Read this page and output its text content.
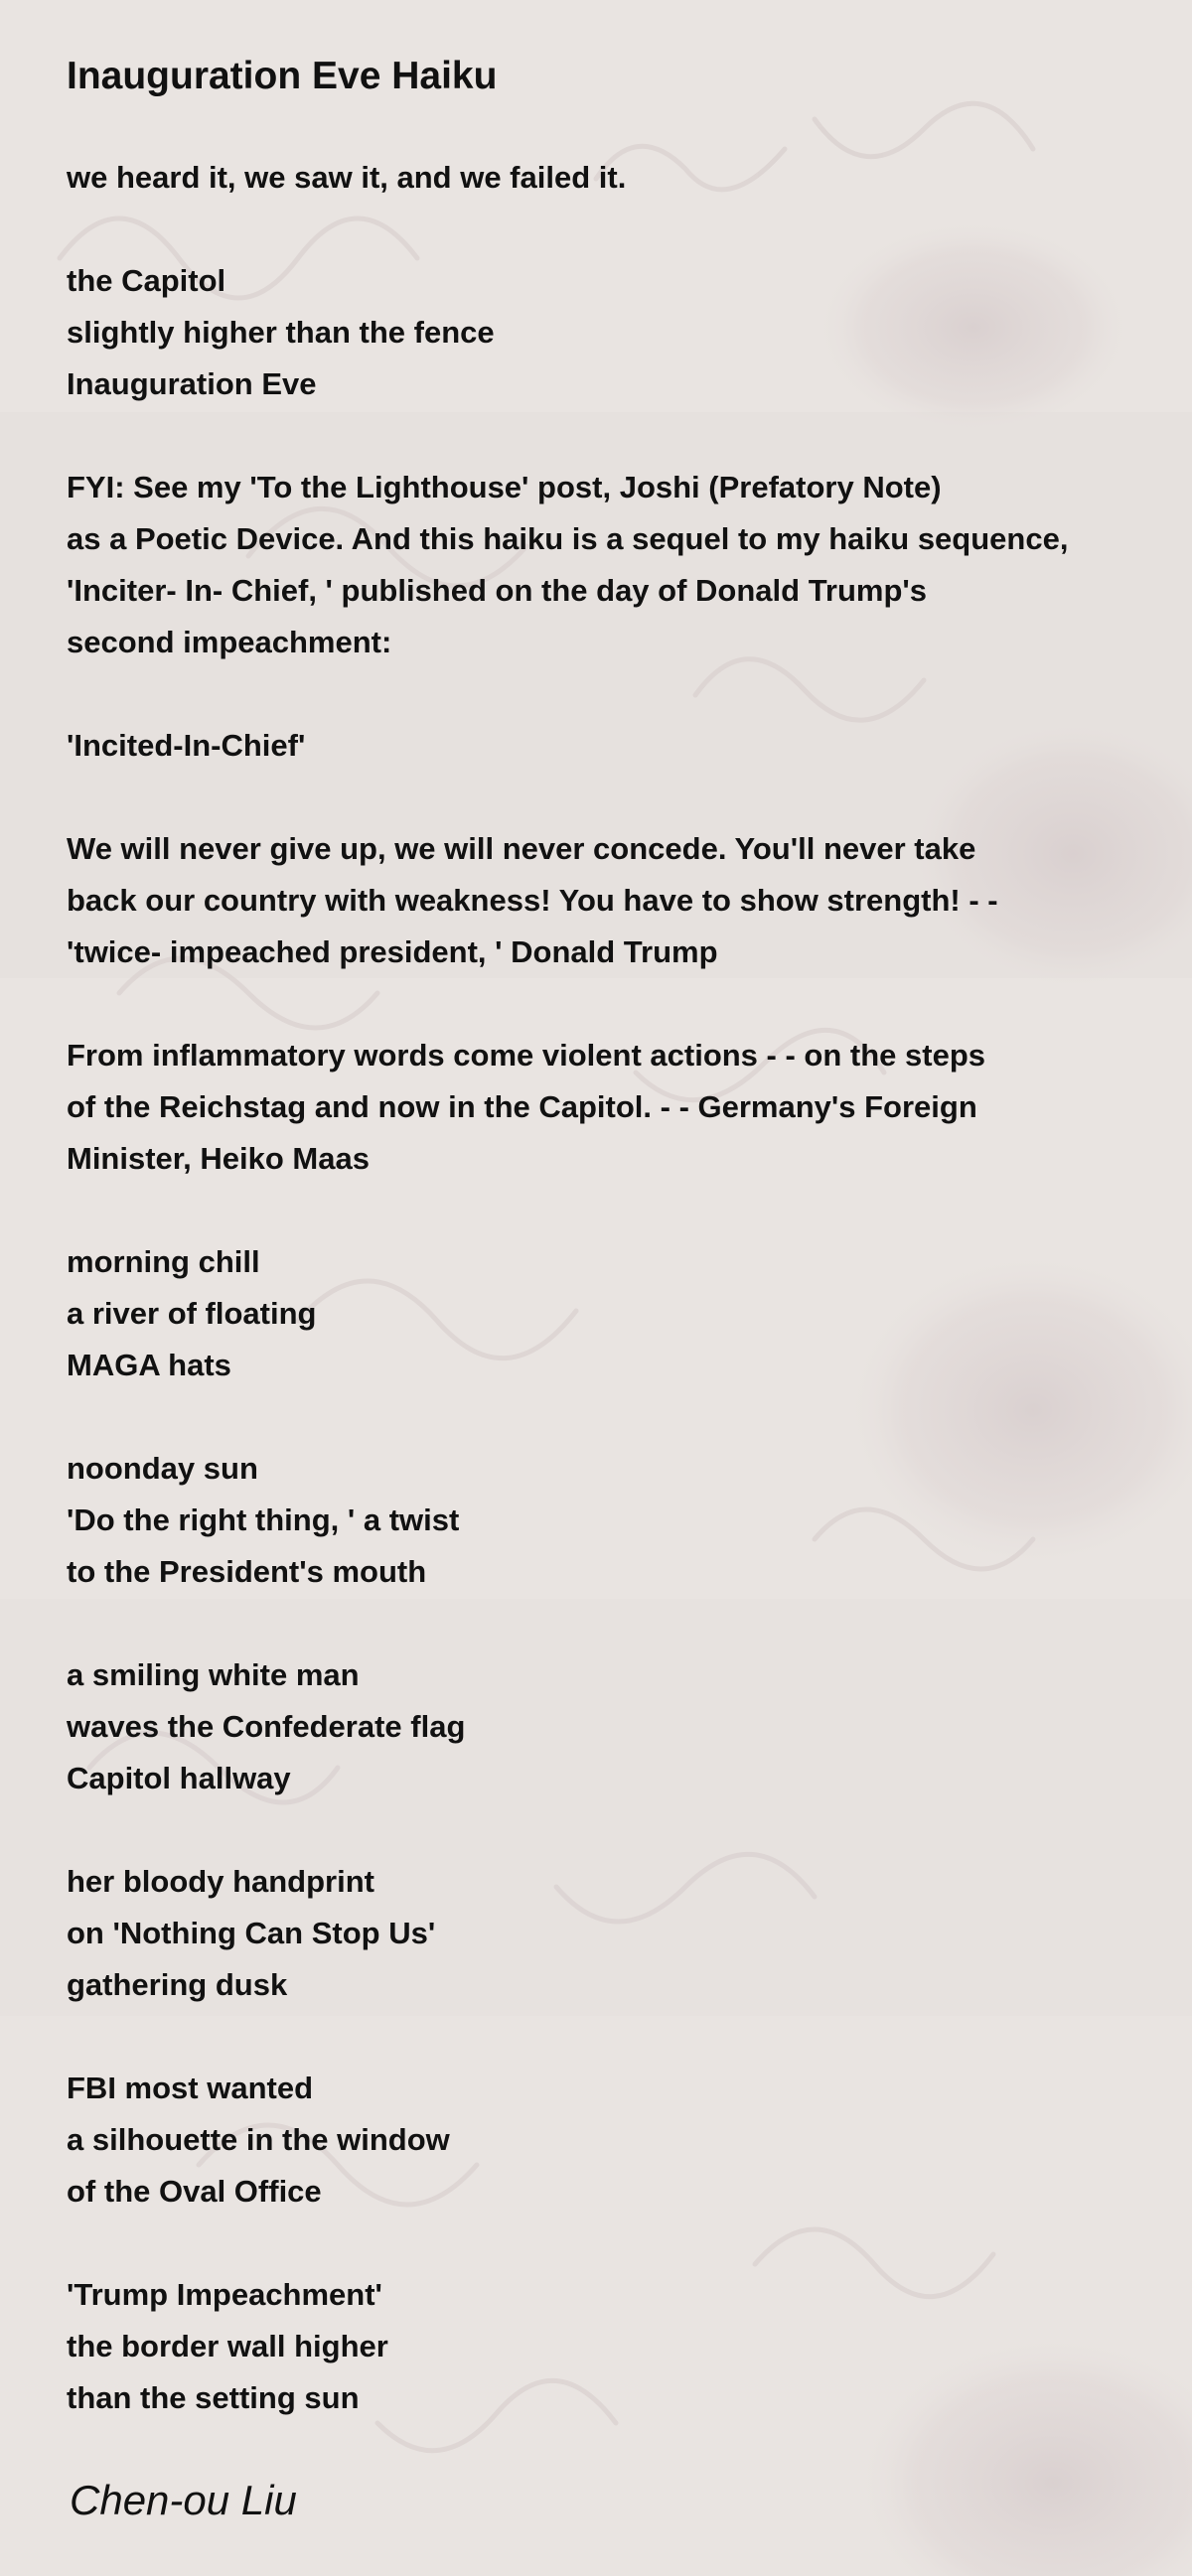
Inauguration Eve Haiku

we heard it, we saw it, and we failed it.

the Capitol
slightly higher than the fence
Inauguration Eve

FYI: See my 'To the Lighthouse' post, Joshi (Prefatory Note)
as a Poetic Device. And this haiku is a sequel to my haiku sequence,
'Inciter- In- Chief, ' published on the day of Donald Trump's
second impeachment:

'Incited-In-Chief'

We will never give up, we will never concede. You'll never take
back our country with weakness! You have to show strength! - -
'twice- impeached president, ' Donald Trump

From inflammatory words come violent actions - - on the steps
of the Reichstag and now in the Capitol. - - Germany's Foreign
Minister, Heiko Maas

morning chill
a river of floating
MAGA hats

noonday sun
'Do the right thing, ' a twist
to the President's mouth

a smiling white man
waves the Confederate flag
Capitol hallway

her bloody handprint
on 'Nothing Can Stop Us'
gathering dusk

FBI most wanted
a silhouette in the window
of the Oval Office

'Trump Impeachment'
the border wall higher
than the setting sun

Chen-ou Liu
